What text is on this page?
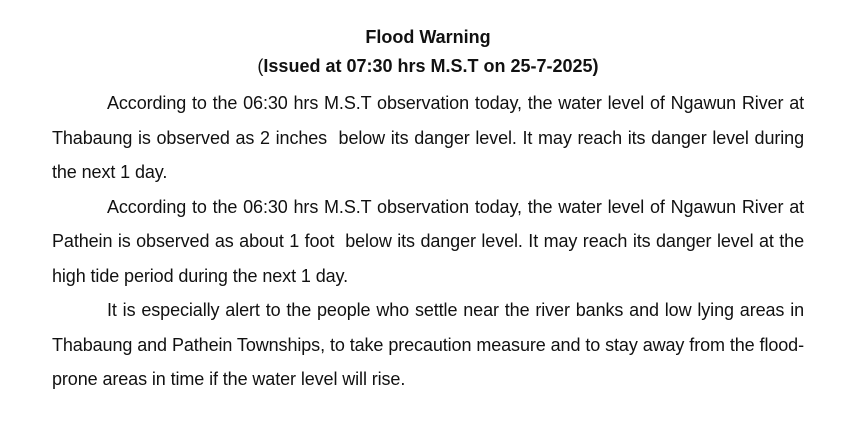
Flood Warning

(Issued at 07:30 hrs M.S.T on 25-7-2025)

According to the 06:30 hrs M.S.T observation today, the water level of Ngawun River at Thabaung is observed as 2 inches  below its danger level. It may reach its danger level during the next 1 day.

According to the 06:30 hrs M.S.T observation today, the water level of Ngawun River at Pathein is observed as about 1 foot  below its danger level. It may reach its danger level at the high tide period during the next 1 day.

It is especially alert to the people who settle near the river banks and low lying areas in Thabaung and Pathein Townships, to take precaution measure and to stay away from the flood-prone areas in time if the water level will rise.
